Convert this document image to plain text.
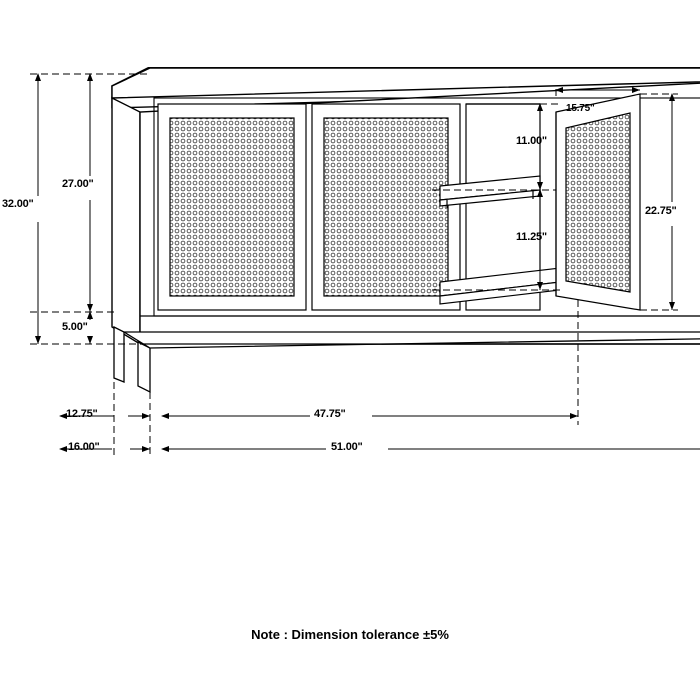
32.00"
27.00"
5.00"
11.00"
11.25"
22.75"
15.75"
12.75"	47.75"
16.00"	51.00"
Note : Dimension tolerance ±5%
